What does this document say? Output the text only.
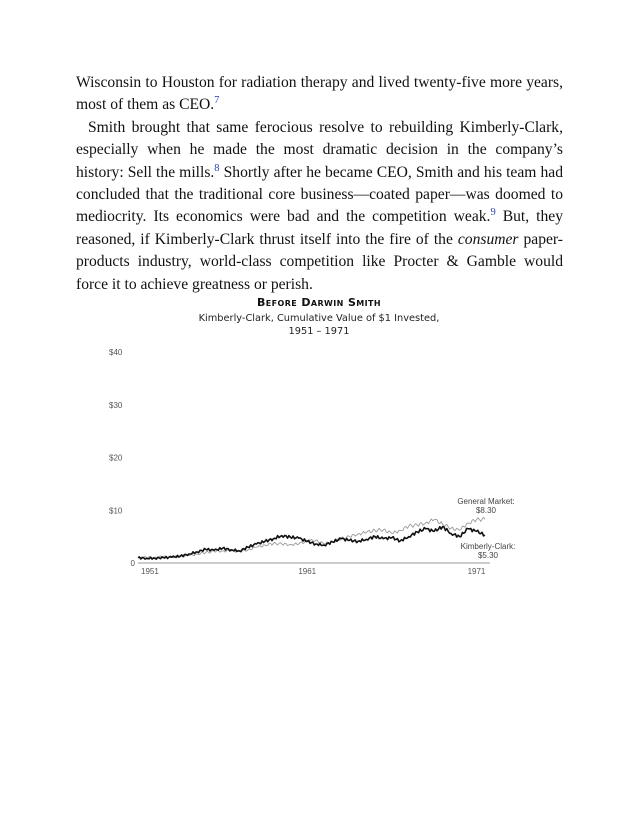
Wisconsin to Houston for radiation therapy and lived twenty-five more years, most of them as CEO.$^7$

Smith brought that same ferocious resolve to rebuilding Kimberly-Clark, especially when he made the most dramatic decision in the company’s history: Sell the mills.$^8$ Shortly after he became CEO, Smith and his team had concluded that the traditional core business—coated paper—was doomed to mediocrity. Its economics were bad and the competition weak.$^9$ But, they reasoned, if Kimberly-Clark thrust itself into the fire of the consumer paper-products industry, world-class competition like Procter & Gamble would force it to achieve greatness or perish.

Before Darwin Smith
Kimberly-Clark, Cumulative Value of $1 Invested,
1951 – 1971
0
$10
$20
$30
$40
1951	1961	1971
General Market:
$8.30
Kimberly-Clark:
$5.30
